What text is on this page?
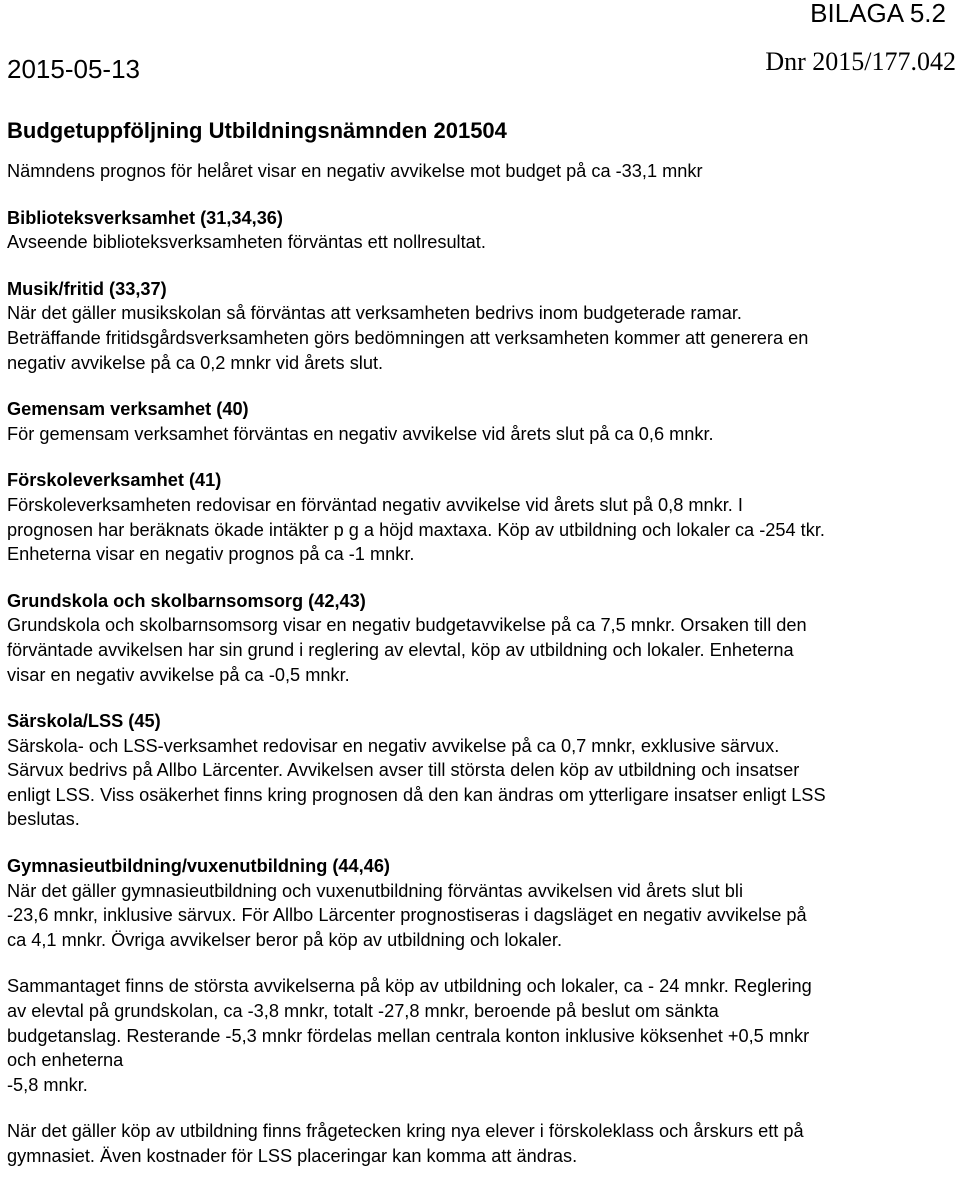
BILAGA 5.2
2015-05-13	Dnr 2015/177.042
Budgetuppföljning Utbildningsnämnden 201504

Nämndens prognos för helåret visar en negativ avvikelse mot budget på ca -33,1 mnkr

Biblioteksverksamhet (31,34,36)

Avseende biblioteksverksamheten förväntas ett nollresultat.

Musik/fritid (33,37)

När det gäller musikskolan så förväntas att verksamheten bedrivs inom budgeterade ramar.

Beträffande fritidsgårdsverksamheten görs bedömningen att verksamheten kommer att generera en

negativ avvikelse på ca 0,2 mnkr vid årets slut.

Gemensam verksamhet (40)

För gemensam verksamhet förväntas en negativ avvikelse vid årets slut på ca 0,6 mnkr.

Förskoleverksamhet (41)

Förskoleverksamheten redovisar en förväntad negativ avvikelse vid årets slut på 0,8 mnkr. I

prognosen har beräknats ökade intäkter p g a höjd maxtaxa. Köp av utbildning och lokaler ca -254 tkr.

Enheterna visar en negativ prognos på ca -1 mnkr.

Grundskola och skolbarnsomsorg (42,43)

Grundskola och skolbarnsomsorg visar en negativ budgetavvikelse på ca 7,5 mnkr. Orsaken till den

förväntade avvikelsen har sin grund i reglering av elevtal, köp av utbildning och lokaler. Enheterna

visar en negativ avvikelse på ca -0,5 mnkr.

Särskola/LSS (45)

Särskola- och LSS-verksamhet redovisar en negativ avvikelse på ca 0,7 mnkr, exklusive särvux.

Särvux bedrivs på Allbo Lärcenter. Avvikelsen avser till största delen köp av utbildning och insatser

enligt LSS. Viss osäkerhet finns kring prognosen då den kan ändras om ytterligare insatser enligt LSS

beslutas.

Gymnasieutbildning/vuxenutbildning (44,46)

När det gäller gymnasieutbildning och vuxenutbildning förväntas avvikelsen vid årets slut bli

-23,6 mnkr, inklusive särvux. För Allbo Lärcenter prognostiseras i dagsläget en negativ avvikelse på

ca 4,1 mnkr. Övriga avvikelser beror på köp av utbildning och lokaler.

Sammantaget finns de största avvikelserna på köp av utbildning och lokaler, ca - 24 mnkr. Reglering

av elevtal på grundskolan, ca -3,8 mnkr, totalt -27,8 mnkr, beroende på beslut om sänkta

budgetanslag. Resterande -5,3 mnkr fördelas mellan centrala konton inklusive köksenhet +0,5 mnkr

och enheterna

-5,8 mnkr.

När det gäller köp av utbildning finns frågetecken kring nya elever i förskoleklass och årskurs ett på

gymnasiet. Även kostnader för LSS placeringar kan komma att ändras.
